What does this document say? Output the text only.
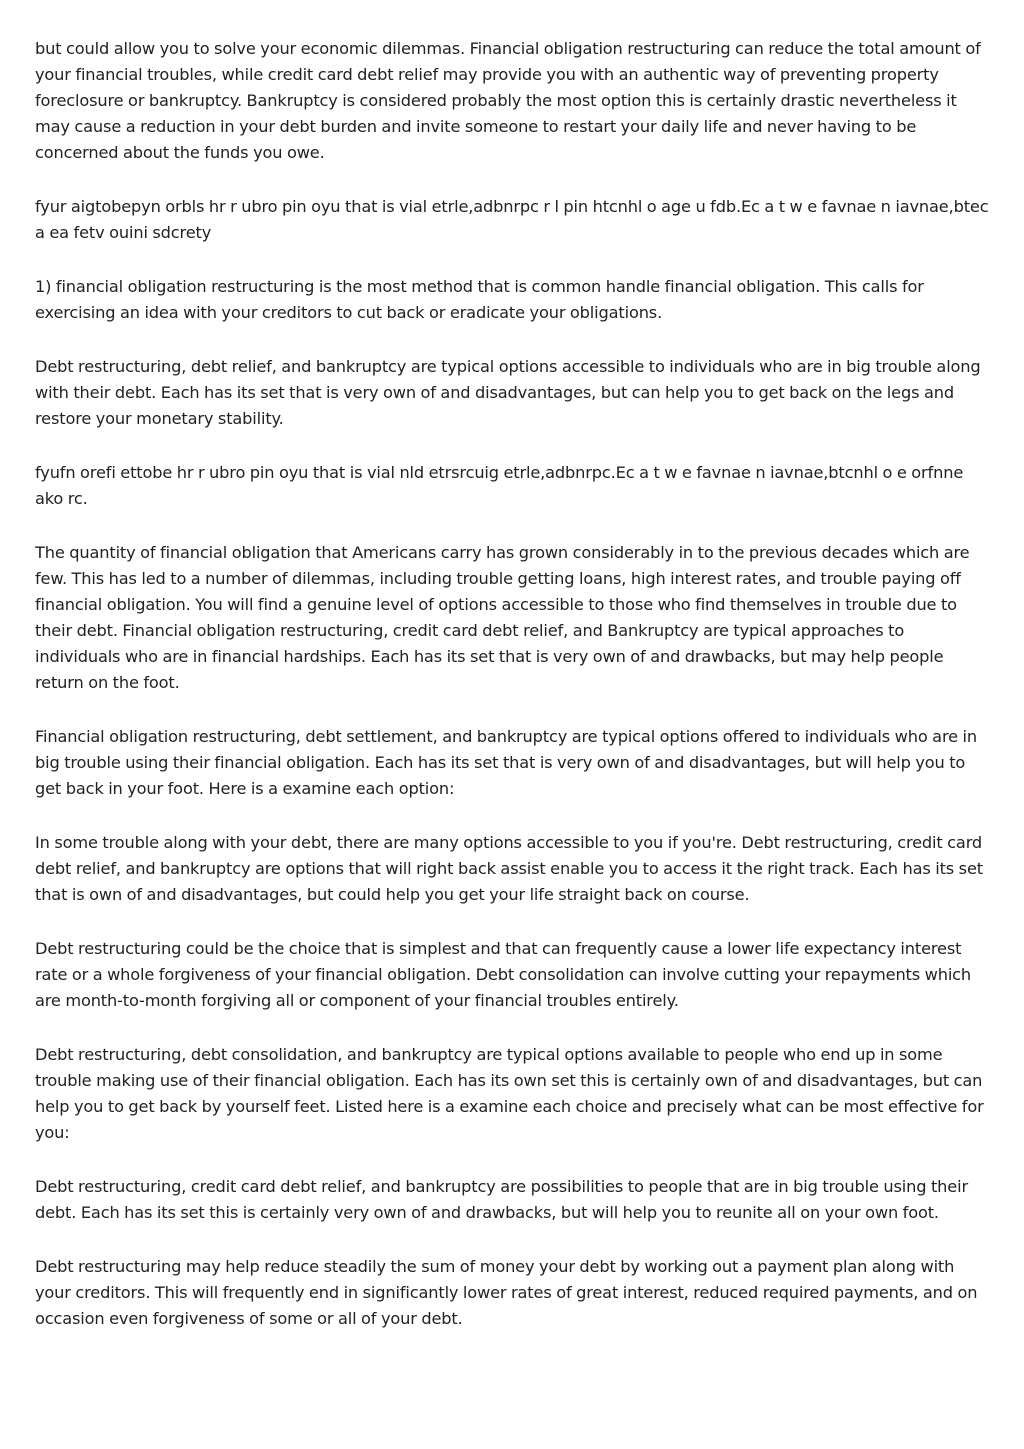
but could allow you to solve your economic dilemmas. Financial obligation restructuring can reduce the total amount of your financial troubles, while credit card debt relief may provide you with an authentic way of preventing property foreclosure or bankruptcy. Bankruptcy is considered probably the most option this is certainly drastic nevertheless it may cause a reduction in your debt burden and invite someone to restart your daily life and never having to be concerned about the funds you owe.

fyur aigtobepyn orbls hr r ubro pin oyu that is vial etrle,adbnrpc r l pin htcnhl o age u fdb.Ec a t w e favnae n iavnae,btec a ea fetv ouini sdcrety

1) financial obligation restructuring is the most method that is common handle financial obligation. This calls for exercising an idea with your creditors to cut back or eradicate your obligations.

Debt restructuring, debt relief, and bankruptcy are typical options accessible to individuals who are in big trouble along with their debt. Each has its set that is very own of and disadvantages, but can help you to get back on the legs and restore your monetary stability.

fyufn orefi ettobe hr r ubro pin oyu that is vial nld etrsrcuig etrle,adbnrpc.Ec a t w e favnae n iavnae,btcnhl o e orfnne ako rc.

The quantity of financial obligation that Americans carry has grown considerably in to the previous decades which are few. This has led to a number of dilemmas, including trouble getting loans, high interest rates, and trouble paying off financial obligation. You will find a genuine level of options accessible to those who find themselves in trouble due to their debt. Financial obligation restructuring, credit card debt relief, and Bankruptcy are typical approaches to individuals who are in financial hardships. Each has its set that is very own of and drawbacks, but may help people return on the foot.

Financial obligation restructuring, debt settlement, and bankruptcy are typical options offered to individuals who are in big trouble using their financial obligation. Each has its set that is very own of and disadvantages, but will help you to get back in your foot. Here is a examine each option:

In some trouble along with your debt, there are many options accessible to you if you're. Debt restructuring, credit card debt relief, and bankruptcy are options that will right back assist enable you to access it the right track. Each has its set that is own of and disadvantages, but could help you get your life straight back on course.

Debt restructuring could be the choice that is simplest and that can frequently cause a lower life expectancy interest rate or a whole forgiveness of your financial obligation. Debt consolidation can involve cutting your repayments which are month-to-month forgiving all or component of your financial troubles entirely.

Debt restructuring, debt consolidation, and bankruptcy are typical options available to people who end up in some trouble making use of their financial obligation. Each has its own set this is certainly own of and disadvantages, but can help you to get back by yourself feet. Listed here is a examine each choice and precisely what can be most effective for you:

Debt restructuring, credit card debt relief, and bankruptcy are possibilities to people that are in big trouble using their debt. Each has its set this is certainly very own of and drawbacks, but will help you to reunite all on your own foot.

Debt restructuring may help reduce steadily the sum of money your debt by working out a payment plan along with your creditors. This will frequently end in significantly lower rates of great interest, reduced required payments, and on occasion even forgiveness of some or all of your debt.
